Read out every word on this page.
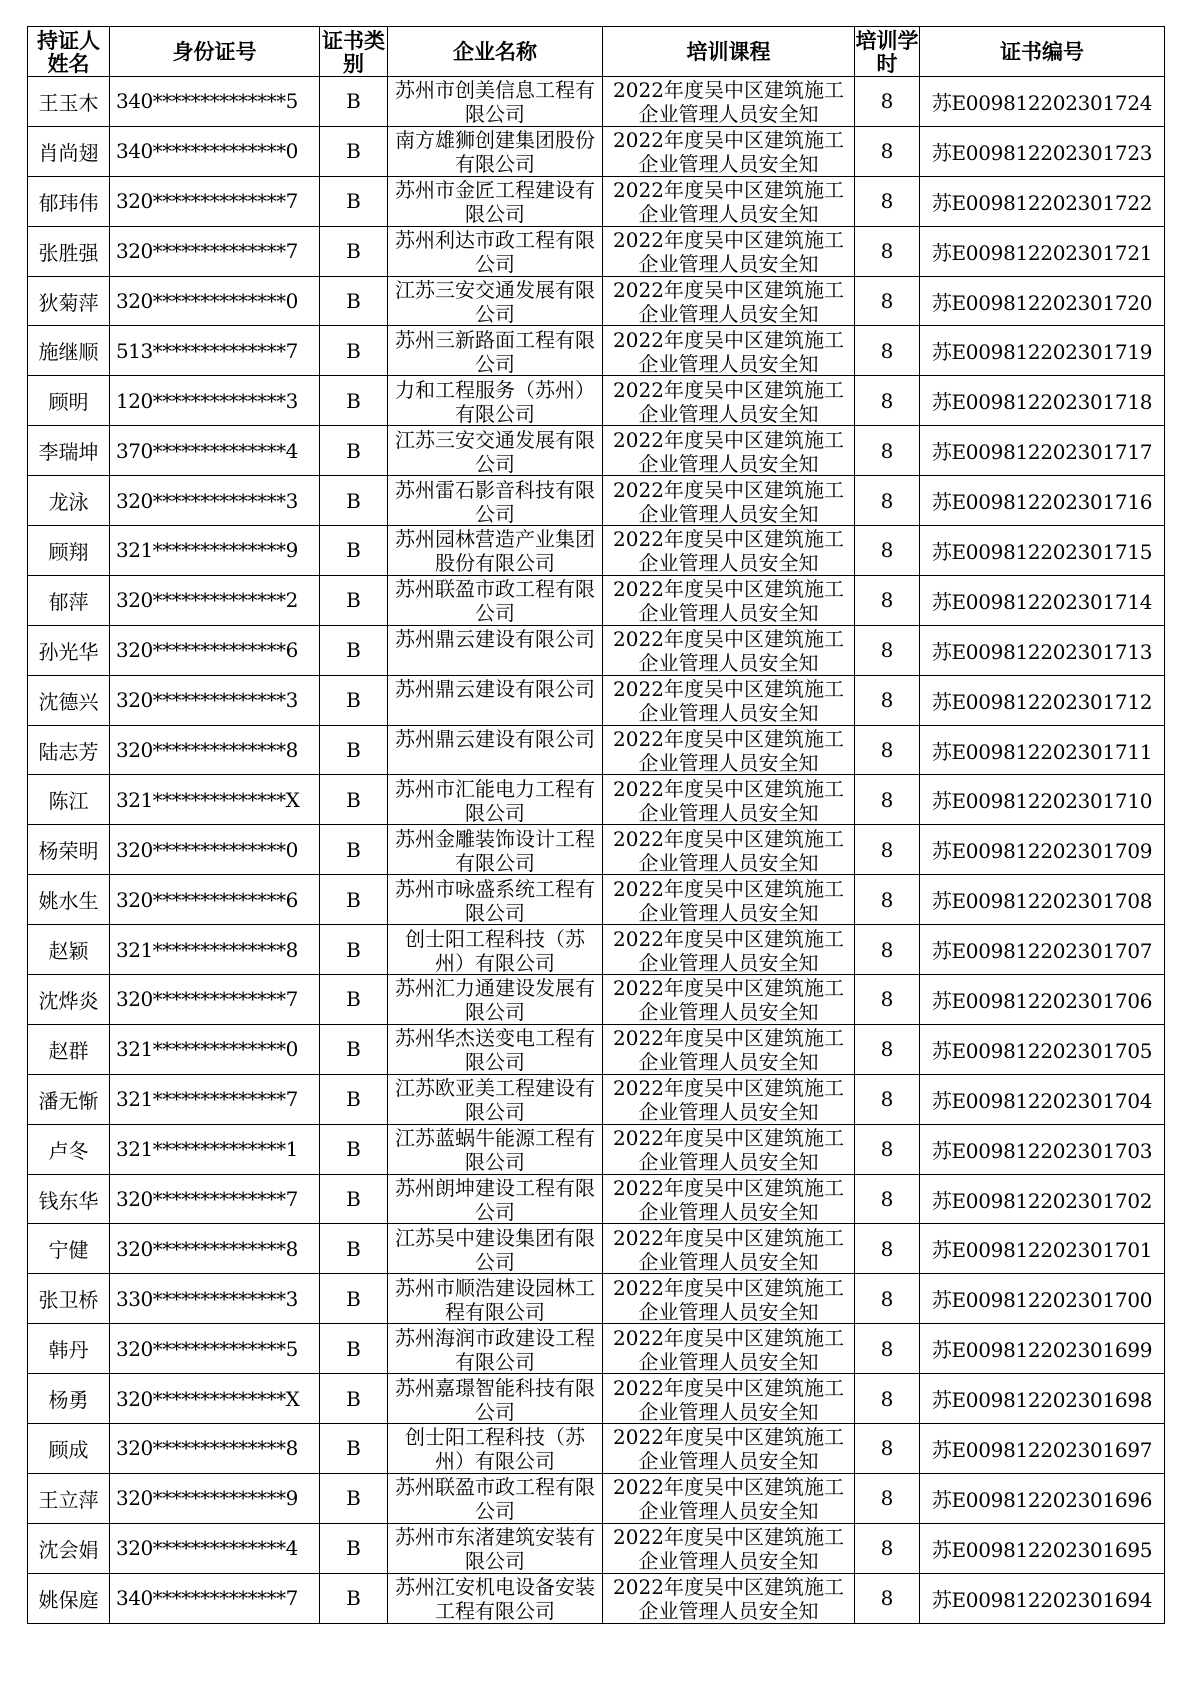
持证人姓名	身份证号	证书类别	企业名称	培训课程	培训学时	证书编号
王玉木	340**************5	B	苏州市创美信息工程有限公司	2022年度吴中区建筑施工企业管理人员安全知	8	苏E009812202301724
肖尚翅	340**************0	B	南方雄狮创建集团股份有限公司	2022年度吴中区建筑施工企业管理人员安全知	8	苏E009812202301723
郁玮伟	320**************7	B	苏州市金匠工程建设有限公司	2022年度吴中区建筑施工企业管理人员安全知	8	苏E009812202301722
张胜强	320**************7	B	苏州利达市政工程有限公司	2022年度吴中区建筑施工企业管理人员安全知	8	苏E009812202301721
狄菊萍	320**************0	B	江苏三安交通发展有限公司	2022年度吴中区建筑施工企业管理人员安全知	8	苏E009812202301720
施继顺	513**************7	B	苏州三新路面工程有限公司	2022年度吴中区建筑施工企业管理人员安全知	8	苏E009812202301719
顾明	120**************3	B	力和工程服务（苏州）有限公司	2022年度吴中区建筑施工企业管理人员安全知	8	苏E009812202301718
李瑞坤	370**************4	B	江苏三安交通发展有限公司	2022年度吴中区建筑施工企业管理人员安全知	8	苏E009812202301717
龙泳	320**************3	B	苏州雷石影音科技有限公司	2022年度吴中区建筑施工企业管理人员安全知	8	苏E009812202301716
顾翔	321**************9	B	苏州园林营造产业集团股份有限公司	2022年度吴中区建筑施工企业管理人员安全知	8	苏E009812202301715
郁萍	320**************2	B	苏州联盈市政工程有限公司	2022年度吴中区建筑施工企业管理人员安全知	8	苏E009812202301714
孙光华	320**************6	B	苏州鼎云建设有限公司	2022年度吴中区建筑施工企业管理人员安全知	8	苏E009812202301713
沈德兴	320**************3	B	苏州鼎云建设有限公司	2022年度吴中区建筑施工企业管理人员安全知	8	苏E009812202301712
陆志芳	320**************8	B	苏州鼎云建设有限公司	2022年度吴中区建筑施工企业管理人员安全知	8	苏E009812202301711
陈江	321**************X	B	苏州市汇能电力工程有限公司	2022年度吴中区建筑施工企业管理人员安全知	8	苏E009812202301710
杨荣明	320**************0	B	苏州金雕装饰设计工程有限公司	2022年度吴中区建筑施工企业管理人员安全知	8	苏E009812202301709
姚水生	320**************6	B	苏州市咏盛系统工程有限公司	2022年度吴中区建筑施工企业管理人员安全知	8	苏E009812202301708
赵颖	321**************8	B	创士阳工程科技（苏州）有限公司	2022年度吴中区建筑施工企业管理人员安全知	8	苏E009812202301707
沈烨炎	320**************7	B	苏州汇力通建设发展有限公司	2022年度吴中区建筑施工企业管理人员安全知	8	苏E009812202301706
赵群	321**************0	B	苏州华杰送变电工程有限公司	2022年度吴中区建筑施工企业管理人员安全知	8	苏E009812202301705
潘无惭	321**************7	B	江苏欧亚美工程建设有限公司	2022年度吴中区建筑施工企业管理人员安全知	8	苏E009812202301704
卢冬	321**************1	B	江苏蓝蜗牛能源工程有限公司	2022年度吴中区建筑施工企业管理人员安全知	8	苏E009812202301703
钱东华	320**************7	B	苏州朗坤建设工程有限公司	2022年度吴中区建筑施工企业管理人员安全知	8	苏E009812202301702
宁健	320**************8	B	江苏吴中建设集团有限公司	2022年度吴中区建筑施工企业管理人员安全知	8	苏E009812202301701
张卫桥	330**************3	B	苏州市顺浩建设园林工程有限公司	2022年度吴中区建筑施工企业管理人员安全知	8	苏E009812202301700
韩丹	320**************5	B	苏州海润市政建设工程有限公司	2022年度吴中区建筑施工企业管理人员安全知	8	苏E009812202301699
杨勇	320**************X	B	苏州嘉璟智能科技有限公司	2022年度吴中区建筑施工企业管理人员安全知	8	苏E009812202301698
顾成	320**************8	B	创士阳工程科技（苏州）有限公司	2022年度吴中区建筑施工企业管理人员安全知	8	苏E009812202301697
王立萍	320**************9	B	苏州联盈市政工程有限公司	2022年度吴中区建筑施工企业管理人员安全知	8	苏E009812202301696
沈会娟	320**************4	B	苏州市东渚建筑安装有限公司	2022年度吴中区建筑施工企业管理人员安全知	8	苏E009812202301695
姚保庭	340**************7	B	苏州江安机电设备安装工程有限公司	2022年度吴中区建筑施工企业管理人员安全知	8	苏E009812202301694
